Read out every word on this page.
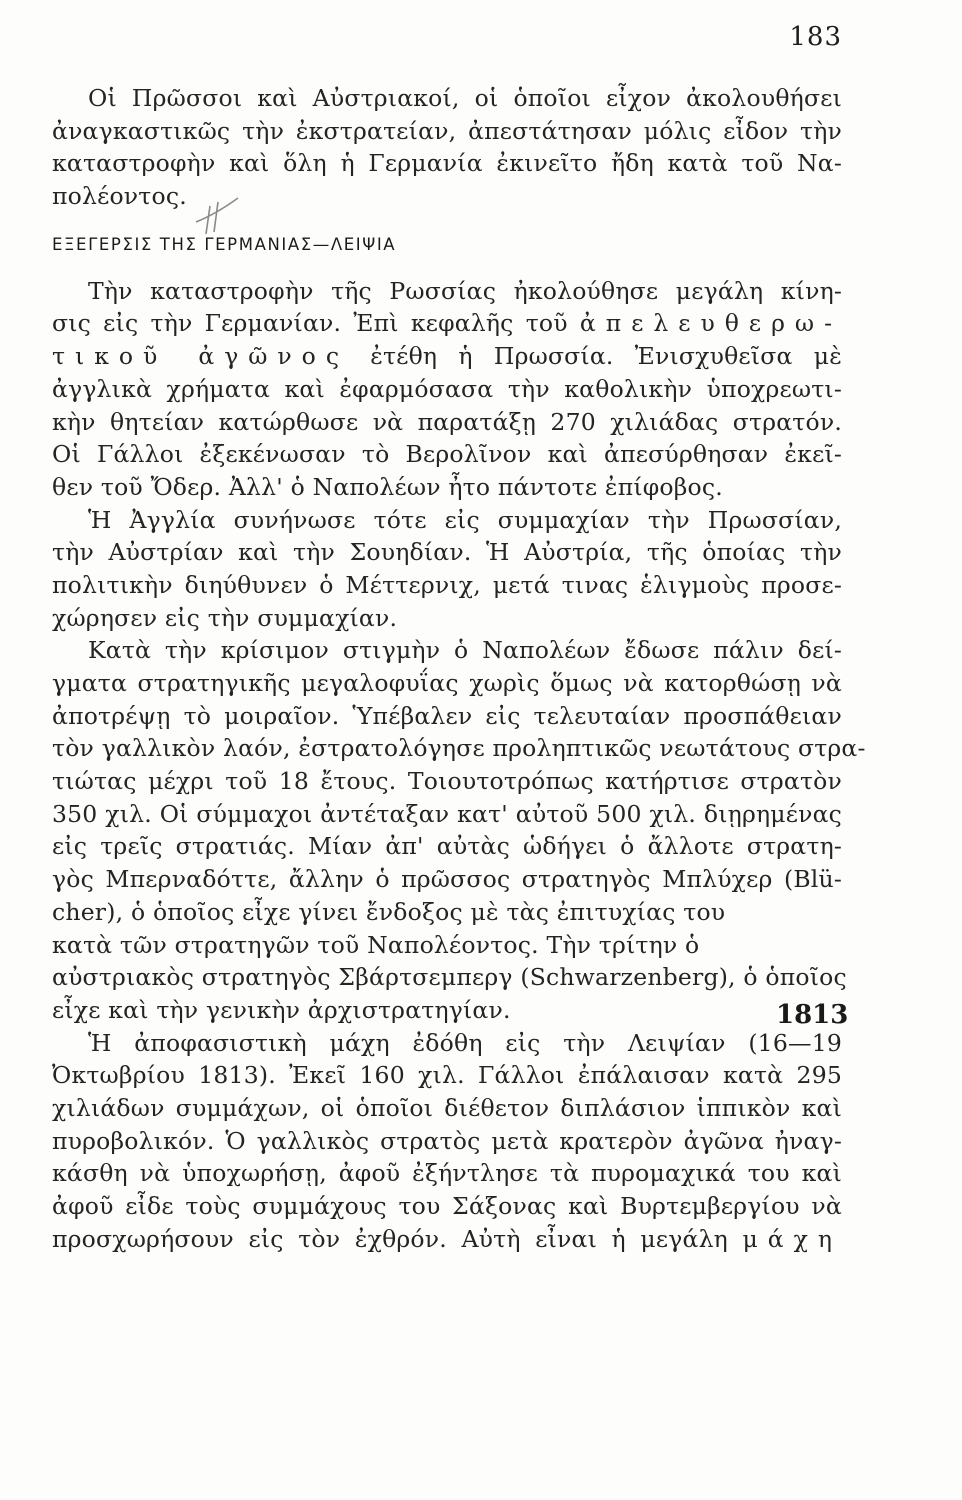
183
Οἱ Πρῶσσοι καὶ Αὐστριακοί, οἱ ὁποῖοι εἶχον ἀκολουθήσει
ἀναγκαστικῶς τὴν ἐκστρατείαν, ἀπεστάτησαν μόλις εἶδον τὴν
καταστροφὴν καὶ ὅλη ἡ Γερμανία ἐκινεῖτο ἤδη κατὰ τοῦ Να-
πολέοντος.
ΕΞΕΓΕΡΣΙΣ ΤΗΣ ΓΕΡΜΑΝΙΑΣ—ΛΕΙΨΙΑ
Τὴν καταστροφὴν τῆς Ρωσσίας ἠκολούθησε μεγάλη κίνη-
σις εἰς τὴν Γερμανίαν. Ἐπὶ κεφαλῆς τοῦ ἀπελευθερω-
τικοῦ ἀγῶνος ἐτέθη ἡ Πρωσσία. Ἐνισχυθεῖσα μὲ
ἀγγλικὰ χρήματα καὶ ἐφαρμόσασα τὴν καθολικὴν ὑποχρεωτι-
κὴν θητείαν κατώρθωσε νὰ παρατάξῃ 270 χιλιάδας στρατόν.
Οἱ Γάλλοι ἐξεκένωσαν τὸ Βερολῖνον καὶ ἀπεσύρθησαν ἐκεῖ-
θεν τοῦ Ὄδερ. Ἀλλ' ὁ Ναπολέων ἦτο πάντοτε ἐπίφοβος.
Ἡ Ἀγγλία συνήνωσε τότε εἰς συμμαχίαν τὴν Πρωσσίαν,
τὴν Αὐστρίαν καὶ τὴν Σουηδίαν. Ἡ Αὐστρία, τῆς ὁποίας τὴν
πολιτικὴν διηύθυνεν ὁ Μέττερνιχ, μετά τινας ἑλιγμοὺς προσε-
χώρησεν εἰς τὴν συμμαχίαν.
Κατὰ τὴν κρίσιμον στιγμὴν ὁ Ναπολέων ἔδωσε πάλιν δεί-
γματα στρατηγικῆς μεγαλοφυΐας χωρὶς ὅμως νὰ κατορθώσῃ νὰ
ἀποτρέψῃ τὸ μοιραῖον. Ὑπέβαλεν εἰς τελευταίαν προσπάθειαν
τὸν γαλλικὸν λαόν, ἐστρατολόγησε προληπτικῶς νεωτάτους στρα-
τιώτας μέχρι τοῦ 18 ἔτους. Τοιουτοτρόπως κατήρτισε στρατὸν
350 χιλ. Οἱ σύμμαχοι ἀντέταξαν κατ' αὐτοῦ 500 χιλ. διῃρημένας
εἰς τρεῖς στρατιάς. Μίαν ἀπ' αὐτὰς ὡδήγει ὁ ἄλλοτε στρατη-
γὸς Μπερναδόττε, ἄλλην ὁ πρῶσσος στρατηγὸς Μπλύχερ (Blü-
cher), ὁ ὁποῖος εἶχε γίνει ἔνδοξος μὲ τὰς ἐπιτυχίας του
κατὰ τῶν στρατηγῶν τοῦ Ναπολέοντος. Τὴν τρίτην ὁ
αὐστριακὸς στρατηγὸς Σβάρτσεμπεργ (Schwarzenberg), ὁ ὁποῖος
εἶχε καὶ τὴν γενικὴν ἀρχιστρατηγίαν.
Ἡ ἀποφασιστικὴ μάχη ἐδόθη εἰς τὴν Λειψίαν (16—19
Ὀκτωβρίου 1813). Ἐκεῖ 160 χιλ. Γάλλοι ἐπάλαισαν κατὰ 295
χιλιάδων συμμάχων, οἱ ὁποῖοι διέθετον διπλάσιον ἱππικὸν καὶ
πυροβολικόν. Ὁ γαλλικὸς στρατὸς μετὰ κρατερὸν ἀγῶνα ἠναγ-
κάσθη νὰ ὑποχωρήσῃ, ἀφοῦ ἐξήντλησε τὰ πυρομαχικά του καὶ
ἀφοῦ εἶδε τοὺς συμμάχους του Σάξονας καὶ Βυρτεμβεργίου νὰ
προσχωρήσουν εἰς τὸν ἐχθρόν. Αὐτὴ εἶναι ἡ μεγάλη μάχη
1813
